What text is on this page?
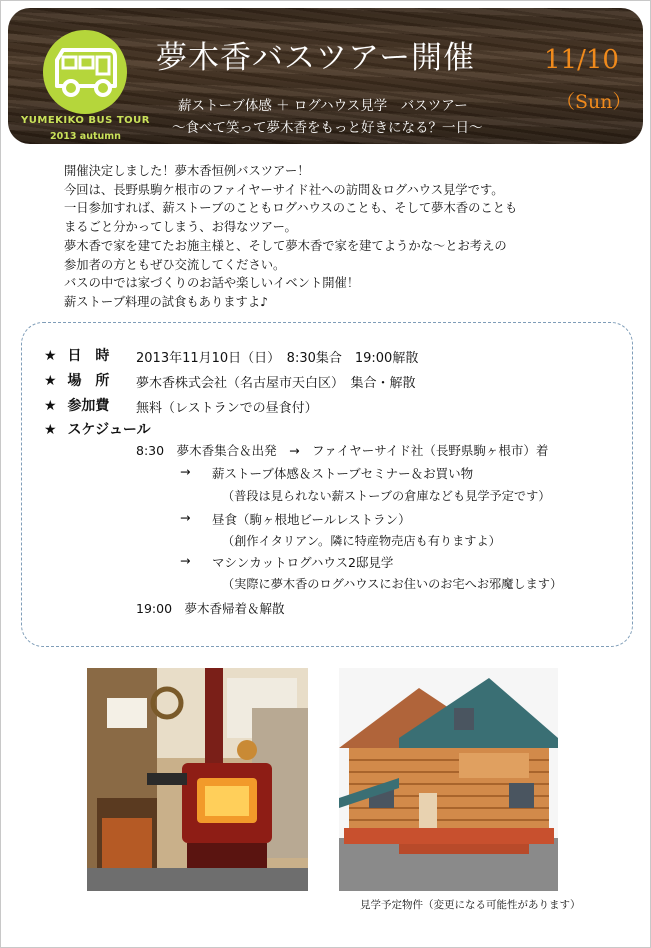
YUMEKIKO BUS TOUR
2013 autumn
夢木香バスツアー開催
薪ストーブ体感 ＋ ログハウス見学　バスツアー
～食べて笑って夢木香をもっと好きになる？一日～
11/10
（Sun）
開催決定しました！夢木香恒例バスツアー！
今回は、長野県駒ケ根市のファイヤーサイド社への訪問＆ログハウス見学です。
一日参加すれば、薪ストーブのこともログハウスのことも、そして夢木香のことも
まるごと分かってしまう、お得なツアー。
夢木香で家を建てたお施主様と、そして夢木香で家を建てようかな～とお考えの
参加者の方ともぜひ交流してください。
バスの中では家づくりのお話や楽しいイベント開催！
薪ストーブ料理の試食もありますよ♪
★ 日　時 2013年11月10日（日）　8:30集合　19:00解散
★ 場　所 夢木香株式会社（名古屋市天白区）　集合・解散
★ 参加費 無料（レストランでの昼食付）
★ スケジュール
8:30　夢木香集合＆出発　→　ファイヤーサイド社（長野県駒ヶ根市）着
→ 薪ストーブ体感＆ストーブセミナー＆お買い物
（普段は見られない薪ストーブの倉庫なども見学予定です）
→ 昼食（駒ヶ根地ビールレストラン）
（創作イタリアン。隣に特産物売店も有りますよ）
→ マシンカットログハウス2邸見学
（実際に夢木香のログハウスにお住いのお宅へお邪魔します）
19:00　夢木香帰着＆解散
見学予定物件（変更になる可能性があります）
